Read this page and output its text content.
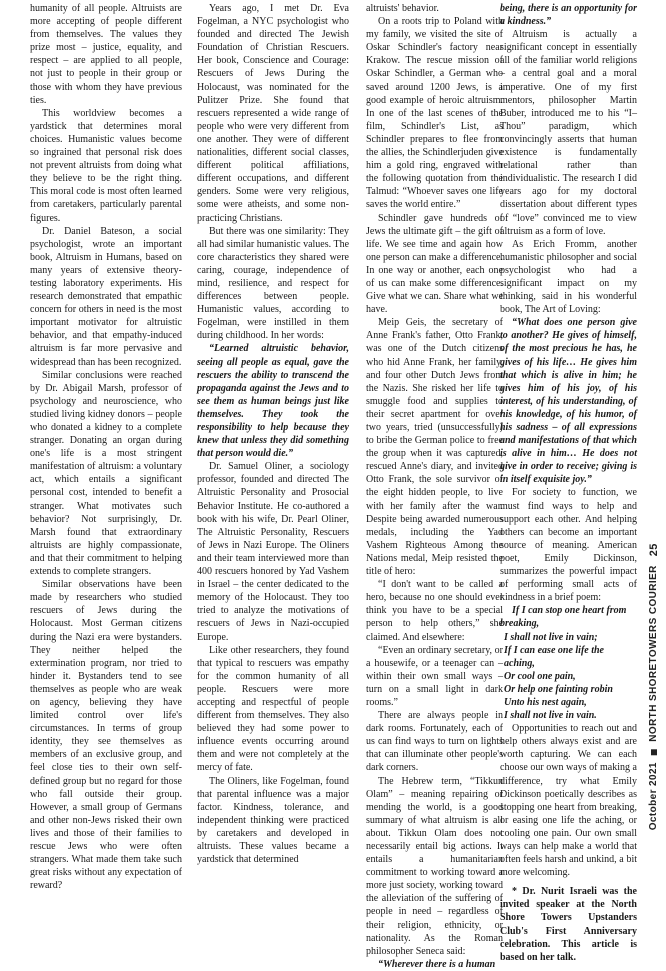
humanity of all people. Altruists are more accepting of people different from themselves. The values they prize most – justice, equality, and respect – are applied to all people, not just to people in their group or those with whom they have previous ties.

This worldview becomes a yardstick that determines moral choices. Humanistic values become so ingrained that personal risk does not prevent altruists from doing what they believe to be the right thing. This moral code is most often learned from caretakers, particularly parental figures.

Dr. Daniel Bateson, a social psychologist, wrote an important book, Altruism in Humans, based on many years of extensive theory-testing laboratory experiments. His research demonstrated that empathic concern for others in need is the most important motivator for altruistic behavior, and that empathy-induced altruism is far more pervasive and widespread than has been recognized.

Similar conclusions were reached by Dr. Abigail Marsh, professor of psychology and neuroscience, who studied living kidney donors – people who donated a kidney to a complete stranger. Donating an organ during one's life is a most stringent manifestation of altruism: a voluntary act, which entails a significant personal cost, intended to benefit a stranger. What motivates such behavior? Not surprisingly, Dr. Marsh found that extraordinary altruists are highly compassionate, and that their commitment to helping extends to complete strangers.

Similar observations have been made by researchers who studied rescuers of Jews during the Holocaust. Most German citizens during the Nazi era were bystanders. They neither helped the extermination program, nor tried to hinder it. Bystanders tend to see themselves as people who are weak on agency, believing they have limited control over life's circumstances. In terms of group identity, they see themselves as members of an exclusive group, and feel close ties to their own self-defined group but no regard for those who fall outside their group. However, a small group of Germans and other non-Jews risked their own lives and those of their families to rescue Jews who were often strangers. What made them take such great risks without any expectation of reward?

Years ago, I met Dr. Eva Fogelman, a NYC psychologist who founded and directed The Jewish Foundation of Christian Rescuers. Her book, Conscience and Courage: Rescuers of Jews During the Holocaust, was nominated for the Pulitzer Prize. She found that rescuers represented a wide range of people who were very different from one another. They were of different nationalities, different social classes, different political affiliations, different occupations, and different genders. Some were very religious, some were atheists, and some non-practicing Christians.

But there was one similarity: They all had similar humanistic values. The core characteristics they shared were caring, courage, independence of mind, resilience, and respect for differences between people. Humanistic values, according to Fogelman, were instilled in them during childhood. In her words:

“Learned altruistic behavior, seeing all people as equal, gave the rescuers the ability to transcend the propaganda against the Jews and to see them as human beings just like themselves. They took the responsibility to help because they knew that unless they did something that person would die.”

Dr. Samuel Oliner, a sociology professor, founded and directed The Altruistic Personality and Prosocial Behavior Institute. He co-authored a book with his wife, Dr. Pearl Oliner, The Altruistic Personality, Rescuers of Jews in Nazi Europe. The Oliners and their team interviewed more than 400 rescuers honored by Yad Vashem in Israel – the center dedicated to the memory of the Holocaust. They too tried to analyze the motivations of rescuers of Jews in Nazi-occupied Europe.

Like other researchers, they found that typical to rescuers was empathy for the common humanity of all people. Rescuers were more accepting and respectful of people different from themselves. They also believed they had some power to influence events occurring around them and were not completely at the mercy of fate.

The Oliners, like Fogelman, found that parental influence was a major factor. Kindness, tolerance, and independent thinking were practiced by caretakers and developed in altruists. These values became a yardstick that determined

altruists' behavior.

On a roots trip to Poland with my family, we visited the site of Oskar Schindler's factory near Krakow. The rescue mission of Oskar Schindler, a German who saved around 1200 Jews, is a good example of heroic altruism. In one of the last scenes of the film, Schindler's List, as Schindler prepares to flee from the allies, the Schindlerjuden give him a gold ring, engraved with the following quotation from the Talmud: “Whoever saves one life saves the world entire.”

Schindler gave hundreds of Jews the ultimate gift – the gift of life. We see time and again how one person can make a difference. In one way or another, each one of us can make some difference. Give what we can. Share what we have.

Meip Geis, the secretary of Anne Frank's father, Otto Frank, was one of the Dutch citizens who hid Anne Frank, her family, and four other Dutch Jews from the Nazis. She risked her life to smuggle food and supplies to their secret apartment for over two years, tried (unsuccessfully) to bribe the German police to free the group when it was captured, rescued Anne's diary, and invited Otto Frank, the sole survivor of the eight hidden people, to live with her family after the war. Despite being awarded numerous medals, including the Yad Vashem Righteous Among the Nations medal, Meip resisted the title of hero:

“I don't want to be called a hero, because no one should ever think you have to be a special person to help others,” she claimed. And elsewhere:

“Even an ordinary secretary, or a housewife, or a teenager can – within their own small ways – turn on a small light in dark rooms.”

There are always people in dark rooms. Fortunately, each of us can find ways to turn on lights that can illuminate other people's dark corners.

The Hebrew term, “Tikkun Olam” – meaning repairing or mending the world, is a good summary of what altruism is all about. Tikkun Olam does not necessarily entail big actions. It entails a humanitarian commitment to working toward a more just society, working toward the alleviation of the suffering of people in need – regardless of their religion, ethnicity, or nationality. As the Roman philosopher Seneca said:

“Wherever there is a human

being, there is an opportunity for a kindness.”

Altruism is actually a significant concept in essentially all of the familiar world religions – a central goal and a moral imperative. One of my first mentors, philosopher Martin Buber, introduced me to his “I–Thou” paradigm, which convincingly asserts that human existence is fundamentally relational rather than individualistic. The research I did years ago for my doctoral dissertation about different types of “love” convinced me to view altruism as a form of love.

As Erich Fromm, another humanistic philosopher and social psychologist who had a significant impact on my thinking, said in his wonderful book, The Art of Loving:

“What does one person give to another? He gives of himself, of the most precious he has, he gives of his life… He gives him that which is alive in him; he gives him of his joy, of his interest, of his understanding, of his knowledge, of his humor, of his sadness – of all expressions and manifestations of that which is alive in him… He does not give in order to receive; giving is in itself exquisite joy.”

For society to function, we must find ways to help and support each other. And helping others can become an important source of meaning. American poet, Emily Dickinson, summarizes the powerful impact of performing small acts of kindness in a brief poem:

If I can stop one heart from breaking,

I shall not live in vain;

If I can ease one life the aching,

Or cool one pain,

Or help one fainting robin

Unto his nest again,

I shall not live in vain.

Opportunities to reach out and help others always exist and are worth capturing. We can each choose our own ways of making a difference, try what Emily Dickinson poetically describes as stopping one heart from breaking, or easing one life the aching, or cooling one pain. Our own small ways can help make a world that often feels harsh and unkind, a bit more welcoming.

* Dr. Nurit Israeli was the invited speaker at the North Shore Towers Upstanders Club's First Anniversary celebration. This article is based on her talk.

October 2021  NORTH SHORETOWERS COURIER 25
